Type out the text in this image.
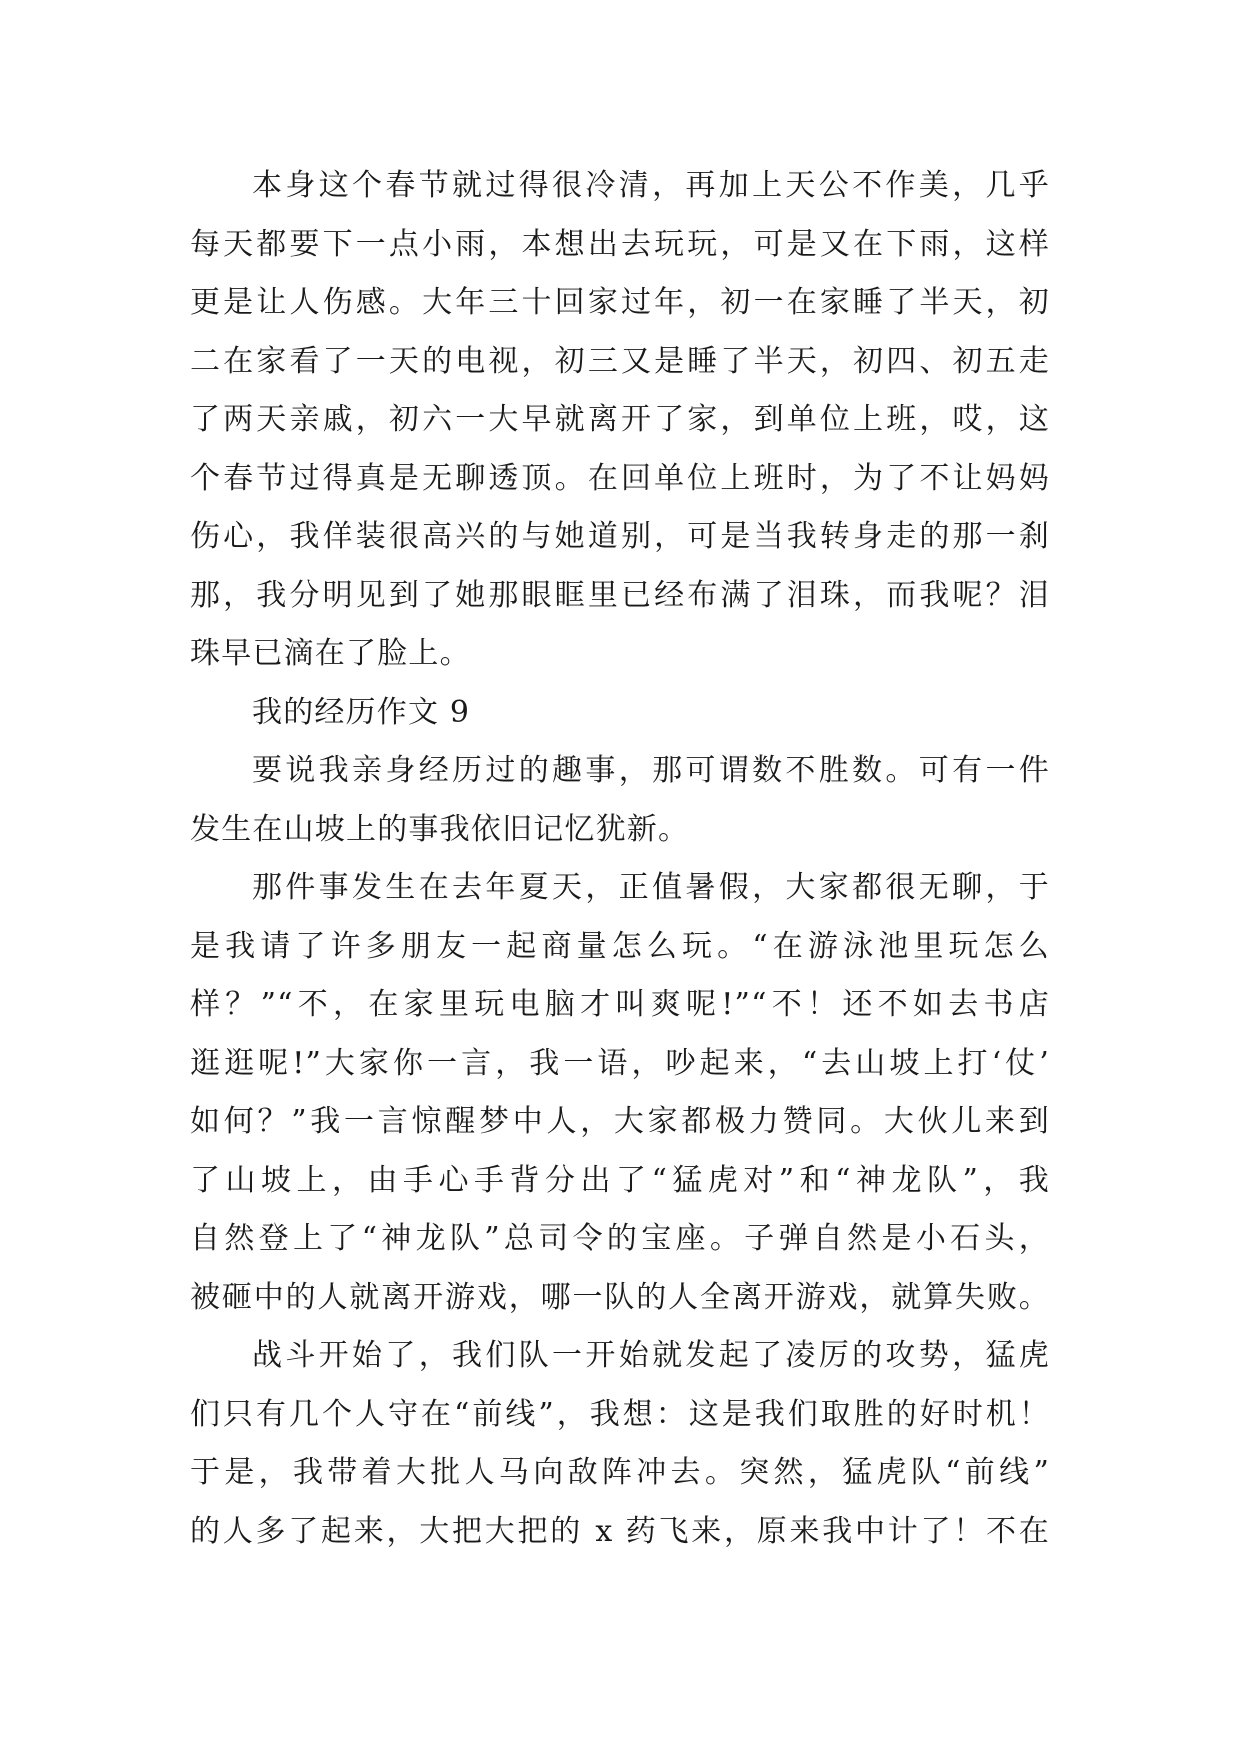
本身这个春节就过得很冷清，再加上天公不作美，几乎
每天都要下一点小雨，本想出去玩玩，可是又在下雨，这样
更是让人伤感。大年三十回家过年，初一在家睡了半天，初
二在家看了一天的电视，初三又是睡了半天，初四、初五走
了两天亲戚，初六一大早就离开了家，到单位上班，哎，这
个春节过得真是无聊透顶。在回单位上班时，为了不让妈妈
伤心，我佯装很高兴的与她道别，可是当我转身走的那一刹
那，我分明见到了她那眼眶里已经布满了泪珠，而我呢？泪
珠早已滴在了脸上。
我的经历作文 9
要说我亲身经历过的趣事，那可谓数不胜数。可有一件
发生在山坡上的事我依旧记忆犹新。
那件事发生在去年夏天，正值暑假，大家都很无聊，于
是我请了许多朋友一起商量怎么玩。“在游泳池里玩怎么
样？”“不，在家里玩电脑才叫爽呢!”“不！还不如去书店
逛逛呢!”大家你一言，我一语，吵起来，“去山坡上打‘仗’
如何？”我一言惊醒梦中人，大家都极力赞同。大伙儿来到
了山坡上，由手心手背分出了“猛虎对”和“神龙队”，我
自然登上了“神龙队”总司令的宝座。子弹自然是小石头，
被砸中的人就离开游戏，哪一队的人全离开游戏，就算失败。
战斗开始了，我们队一开始就发起了凌厉的攻势，猛虎
们只有几个人守在“前线”，我想：这是我们取胜的好时机！
于是，我带着大批人马向敌阵冲去。突然，猛虎队“前线”
的人多了起来，大把大把的 x 药飞来，原来我中计了！不在
